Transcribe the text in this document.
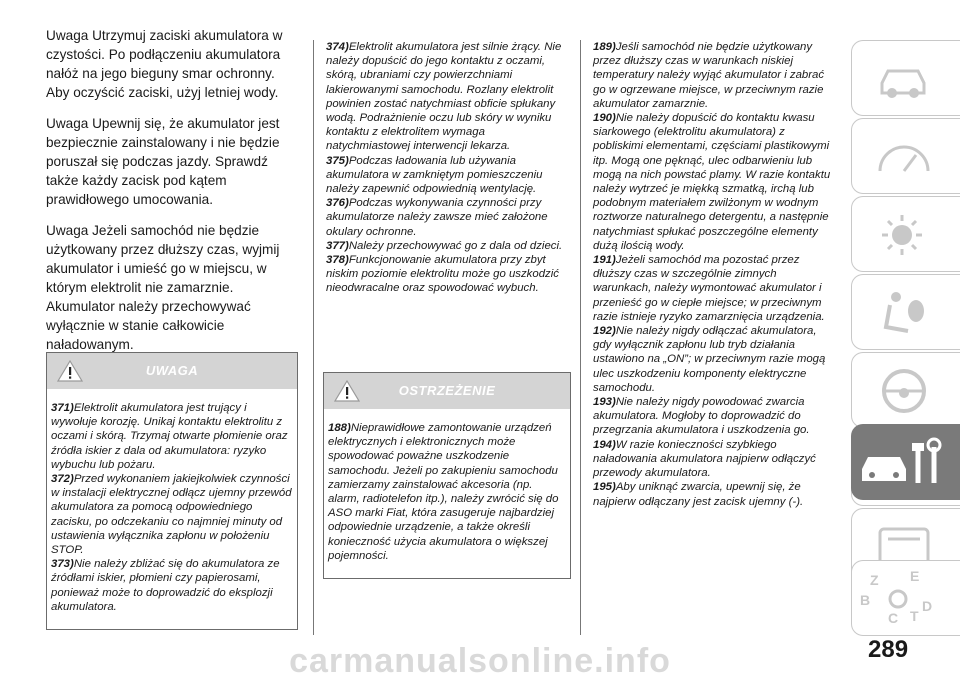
Uwaga Utrzymuj zaciski akumulatora w czystości. Po podłączeniu akumulatora nałóż na jego bieguny smar ochronny. Aby oczyścić zaciski, użyj letniej wody.

Uwaga Upewnij się, że akumulator jest bezpiecznie zainstalowany i nie będzie poruszał się podczas jazdy. Sprawdź także każdy zacisk pod kątem prawidłowego umocowania.

Uwaga Jeżeli samochód nie będzie użytkowany przez dłuższy czas, wyjmij akumulator i umieść go w miejscu, w którym elektrolit nie zamarznie. Akumulator należy przechowywać wyłącznie w stanie całkowicie naładowanym.

UWAGA
371)Elektrolit akumulatora jest trujący i wywołuje korozję. Unikaj kontaktu elektrolitu z oczami i skórą. Trzymaj otwarte płomienie oraz źródła iskier z dala od akumulatora: ryzyko wybuchu lub pożaru.
372)Przed wykonaniem jakiejkolwiek czynności w instalacji elektrycznej odłącz ujemny przewód akumulatora za pomocą odpowiedniego zacisku, po odczekaniu co najmniej minuty od ustawienia wyłącznika zapłonu w położeniu STOP.
373)Nie należy zbliżać się do akumulatora ze źródłami iskier, płomieni czy papierosami, ponieważ może to doprowadzić do eksplozji akumulatora.
374)Elektrolit akumulatora jest silnie żrący. Nie należy dopuścić do jego kontaktu z oczami, skórą, ubraniami czy powierzchniami lakierowanymi samochodu. Rozlany elektrolit powinien zostać natychmiast obficie spłukany wodą. Podrażnienie oczu lub skóry w wyniku kontaktu z elektrolitem wymaga natychmiastowej interwencji lekarza.
375)Podczas ładowania lub używania akumulatora w zamkniętym pomieszczeniu należy zapewnić odpowiednią wentylację.
376)Podczas wykonywania czynności przy akumulatorze należy zawsze mieć założone okulary ochronne.
377)Należy przechowywać go z dala od dzieci.
378)Funkcjonowanie akumulatora przy zbyt niskim poziomie elektrolitu może go uszkodzić nieodwracalne oraz spowodować wybuch.
OSTRZEŻENIE
188)Nieprawidłowe zamontowanie urządzeń elektrycznych i elektronicznych może spowodować poważne uszkodzenie samochodu. Jeżeli po zakupieniu samochodu zamierzamy zainstalować akcesoria (np. alarm, radiotelefon itp.), należy zwrócić się do ASO marki Fiat, która zasugeruje najbardziej odpowiednie urządzenie, a także określi konieczność użycia akumulatora o większej pojemności.
189)Jeśli samochód nie będzie użytkowany przez dłuższy czas w warunkach niskiej temperatury należy wyjąć akumulator i zabrać go w ogrzewane miejsce, w przeciwnym razie akumulator zamarznie.
190)Nie należy dopuścić do kontaktu kwasu siarkowego (elektrolitu akumulatora) z pobliskimi elementami, częściami plastikowymi itp. Mogą one pęknąć, ulec odbarwieniu lub mogą na nich powstać plamy. W razie kontaktu należy wytrzeć je miękką szmatką, irchą lub podobnym materiałem zwilżonym w wodnym roztworze naturalnego detergentu, a następnie natychmiast spłukać poszczególne elementy dużą ilością wody.
191)Jeżeli samochód ma pozostać przez dłuższy czas w szczególnie zimnych warunkach, należy wymontować akumulator i przenieść go w ciepłe miejsce; w przeciwnym razie istnieje ryzyko zamarznięcia urządzenia.
192)Nie należy nigdy odłączać akumulatora, gdy wyłącznik zapłonu lub tryb działania ustawiono na „ON”; w przeciwnym razie mogą ulec uszkodzeniu komponenty elektryczne samochodu.
193)Nie należy nigdy powodować zwarcia akumulatora. Mogłoby to doprowadzić do przegrzania akumulatora i uszkodzenia go.
194)W razie konieczności szybkiego naładowania akumulatora najpierw odłączyć przewody akumulatora.
195)Aby uniknąć zwarcia, upewnij się, że najpierw odłączany jest zacisk ujemny (-).
Z E
B
C T
D
289
carmanualsonline.info
